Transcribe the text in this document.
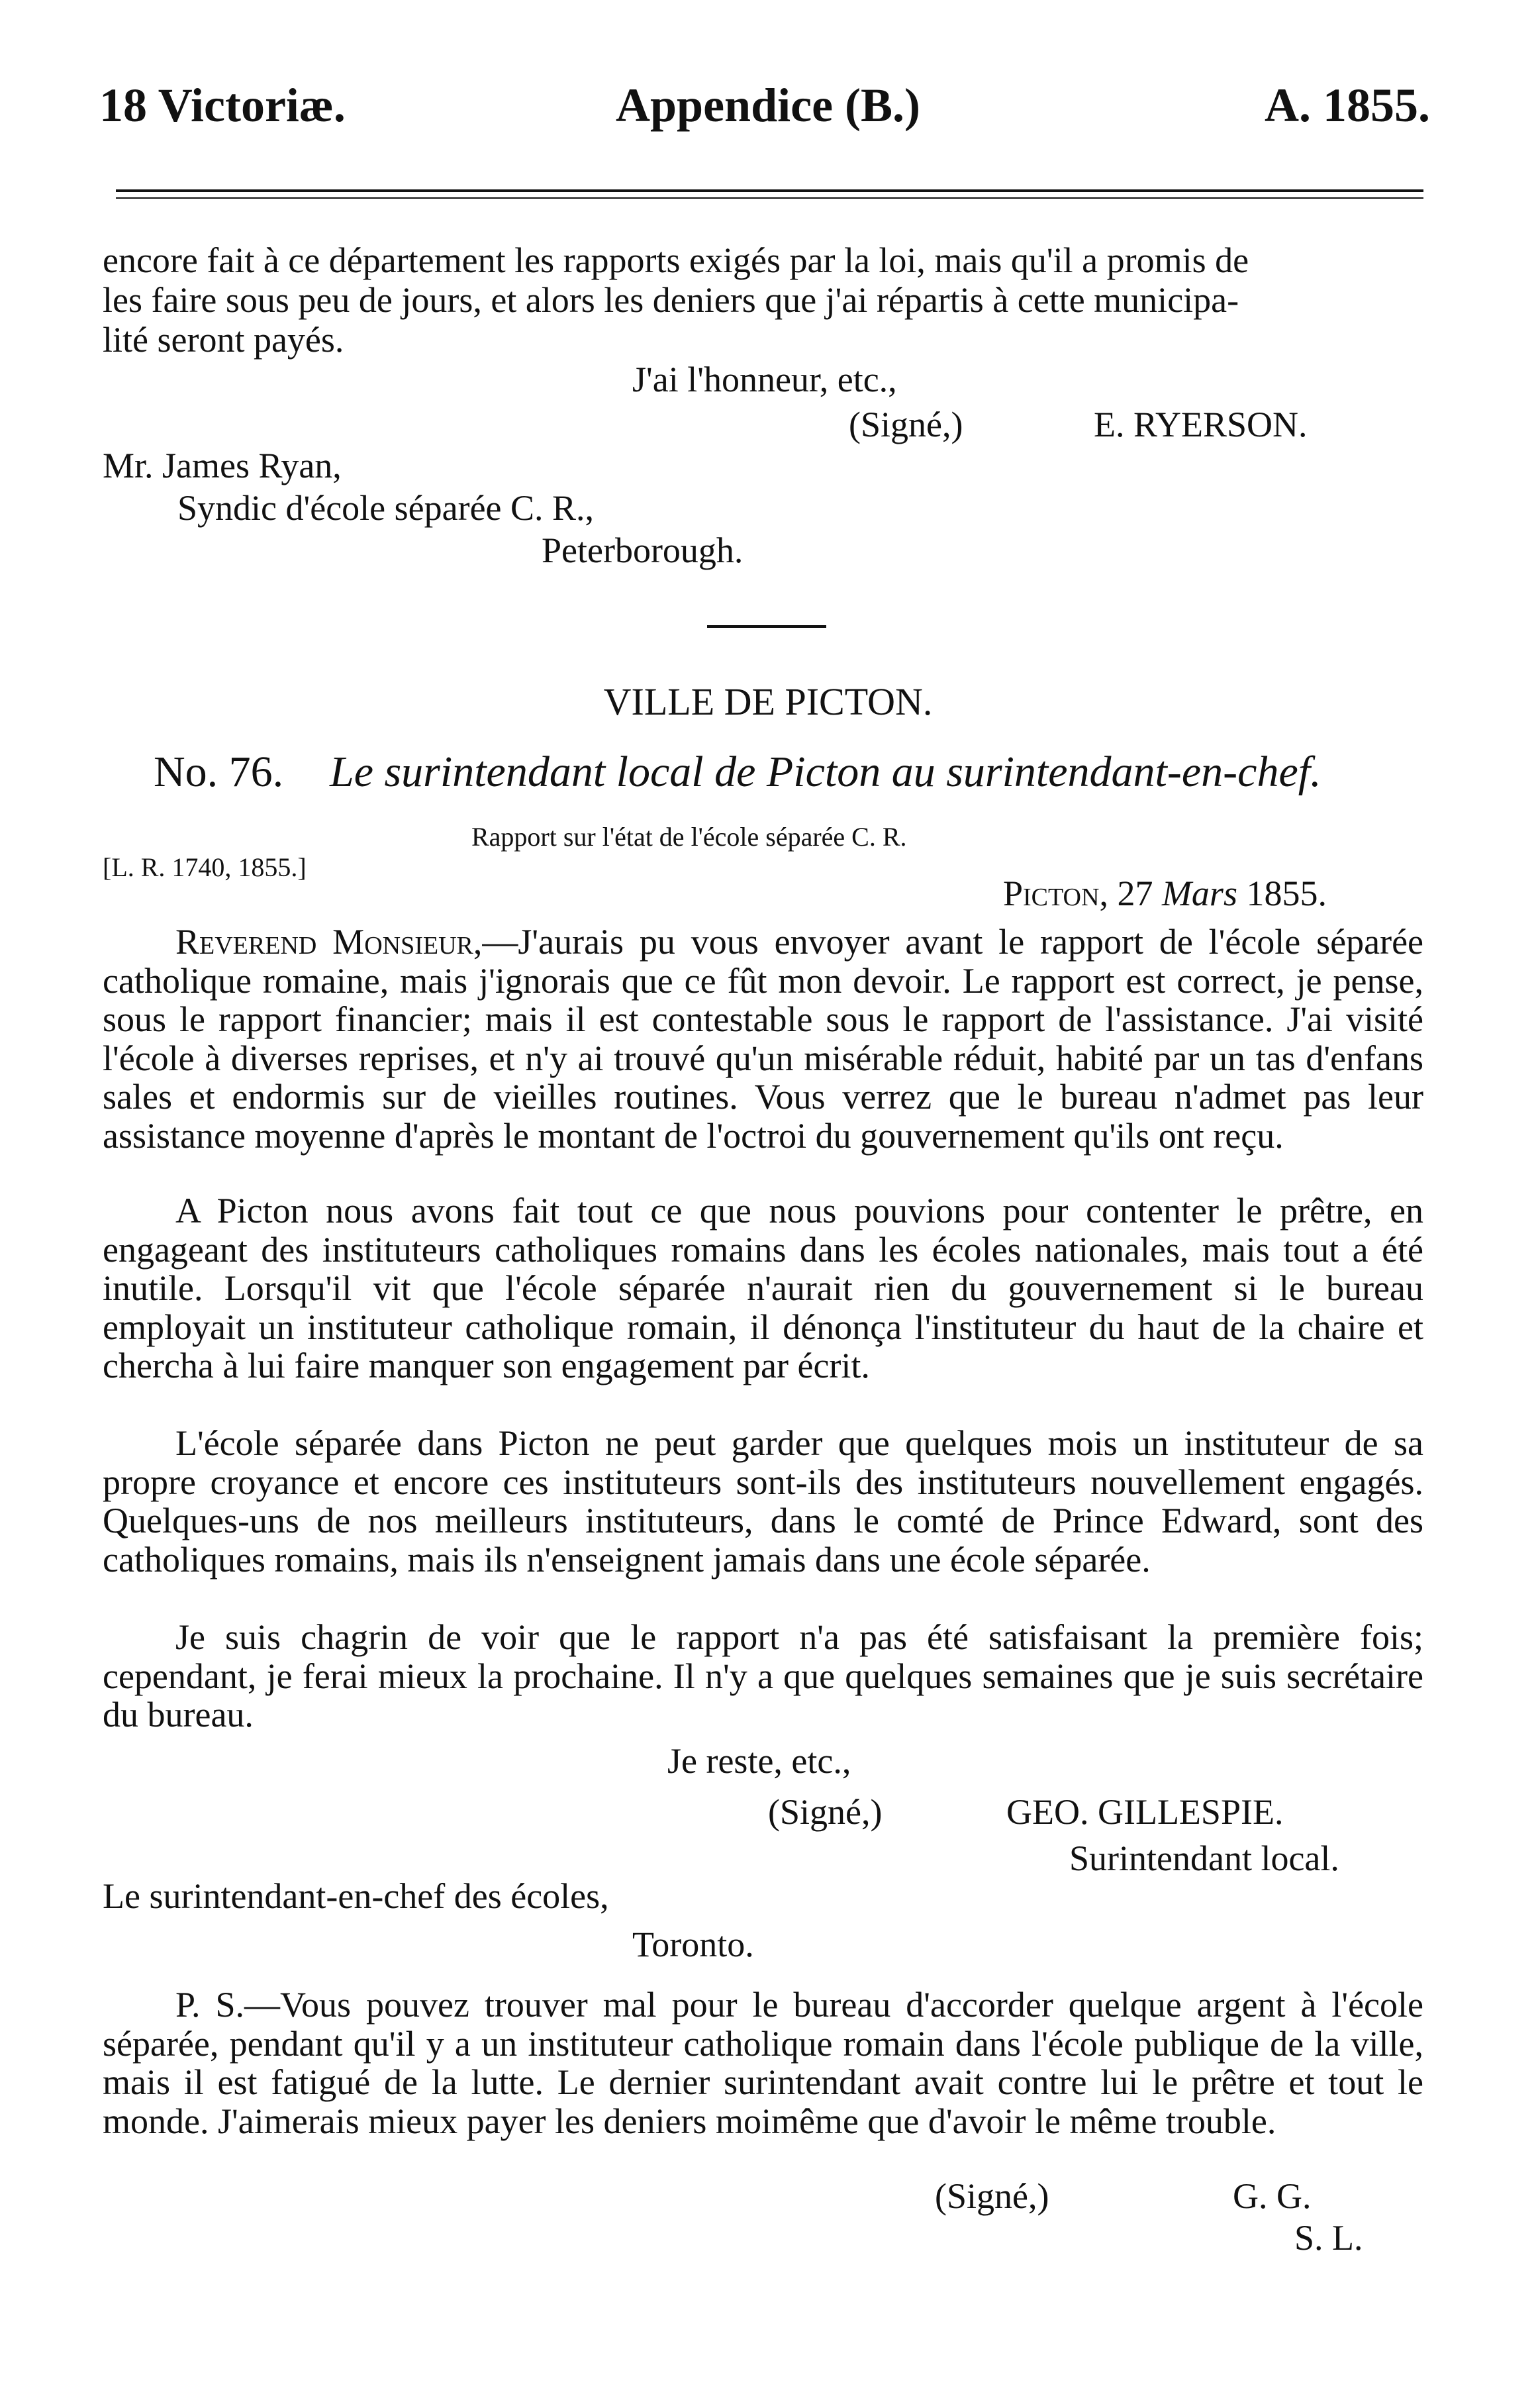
18 Victoriæ.	Appendice (B.)	A. 1855.
encore fait à ce département les rapports exigés par la loi, mais qu'il a promis de
les faire sous peu de jours, et alors les deniers que j'ai répartis à cette municipa-
lité seront payés.
J'ai l'honneur, etc.,
(Signé,)	E. RYERSON.
Mr. James Ryan,
Syndic d'école séparée C. R.,
Peterborough.
VILLE DE PICTON.
No. 76. Le surintendant local de Picton au surintendant-en-chef.
Rapport sur l'état de l'école séparée C. R.
[L. R. 1740, 1855.]
Picton, 27 Mars 1855.
Reverend Monsieur,—J'aurais pu vous envoyer avant le rapport de l'école séparée catholique romaine, mais j'ignorais que ce fût mon devoir. Le rapport est correct, je pense, sous le rapport financier; mais il est contestable sous le rapport de l'assistance. J'ai visité l'école à diverses reprises, et n'y ai trouvé qu'un misérable réduit, habité par un tas d'enfans sales et endormis sur de vieilles routines. Vous verrez que le bureau n'admet pas leur assistance moyenne d'après le montant de l'octroi du gouvernement qu'ils ont reçu.
A Picton nous avons fait tout ce que nous pouvions pour contenter le prêtre, en engageant des instituteurs catholiques romains dans les écoles nationales, mais tout a été inutile. Lorsqu'il vit que l'école séparée n'aurait rien du gouvernement si le bureau employait un instituteur catholique romain, il dénonça l'instituteur du haut de la chaire et chercha à lui faire manquer son engagement par écrit.
L'école séparée dans Picton ne peut garder que quelques mois un instituteur de sa propre croyance et encore ces instituteurs sont-ils des instituteurs nouvellement engagés. Quelques-uns de nos meilleurs instituteurs, dans le comté de Prince Edward, sont des catholiques romains, mais ils n'enseignent jamais dans une école séparée.
Je suis chagrin de voir que le rapport n'a pas été satisfaisant la première fois; cependant, je ferai mieux la prochaine. Il n'y a que quelques semaines que je suis secrétaire du bureau.
Je reste, etc.,
(Signé,)	GEO. GILLESPIE.
Surintendant local.
Le surintendant-en-chef des écoles,
Toronto.
P. S.—Vous pouvez trouver mal pour le bureau d'accorder quelque argent à l'école séparée, pendant qu'il y a un instituteur catholique romain dans l'école publique de la ville, mais il est fatigué de la lutte. Le dernier surintendant avait contre lui le prêtre et tout le monde. J'aimerais mieux payer les deniers moimême que d'avoir le même trouble.
(Signé,)	G. G.
S. L.
